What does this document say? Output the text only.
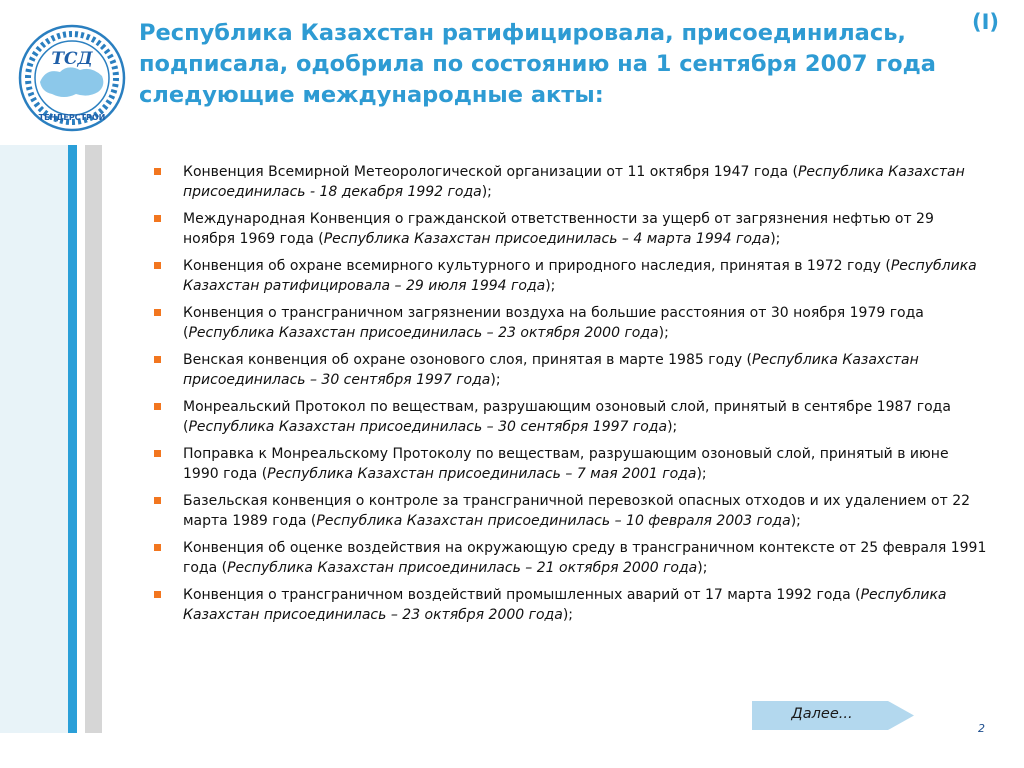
ТСД
ТЕНДЕРСТРОЙ
Республика Казахстан ратифицировала, присоединилась, подписала, одобрила по состоянию на 1 сентября 2007 года следующие международные акты:
(I)
Конвенция Всемирной Метеорологической организации от 11 октября 1947 года (Республика Казахстан присоединилась - 18 декабря 1992 года);
Международная Конвенция о гражданской ответственности за ущерб от загрязнения нефтью от 29 ноября 1969 года (Республика Казахстан присоединилась – 4 марта 1994 года);
Конвенция об охране всемирного культурного и природного наследия, принятая в 1972 году (Республика Казахстан ратифицировала – 29 июля 1994 года);
Конвенция о трансграничном загрязнении воздуха на большие расстояния от 30 ноября 1979 года (Республика Казахстан присоединилась – 23 октября 2000 года);
Венская конвенция об охране озонового слоя, принятая в марте 1985 году (Республика Казахстан присоединилась – 30 сентября 1997 года);
Монреальский Протокол по веществам, разрушающим озоновый слой, принятый в сентябре 1987 года (Республика Казахстан присоединилась – 30 сентября 1997 года);
Поправка к Монреальскому Протоколу по веществам, разрушающим озоновый слой, принятый в июне 1990 года (Республика Казахстан присоединилась – 7 мая 2001 года);
Базельская конвенция о контроле за трансграничной перевозкой опасных отходов и их удалением от 22 марта 1989 года (Республика Казахстан присоединилась – 10 февраля 2003 года);
Конвенция об оценке воздействия на окружающую среду в трансграничном контексте от 25 февраля 1991 года (Республика Казахстан присоединилась – 21 октября 2000 года);
Конвенция о трансграничном воздействий промышленных аварий от 17 марта 1992 года (Республика Казахстан присоединилась – 23 октября 2000 года);
Далее...
2
